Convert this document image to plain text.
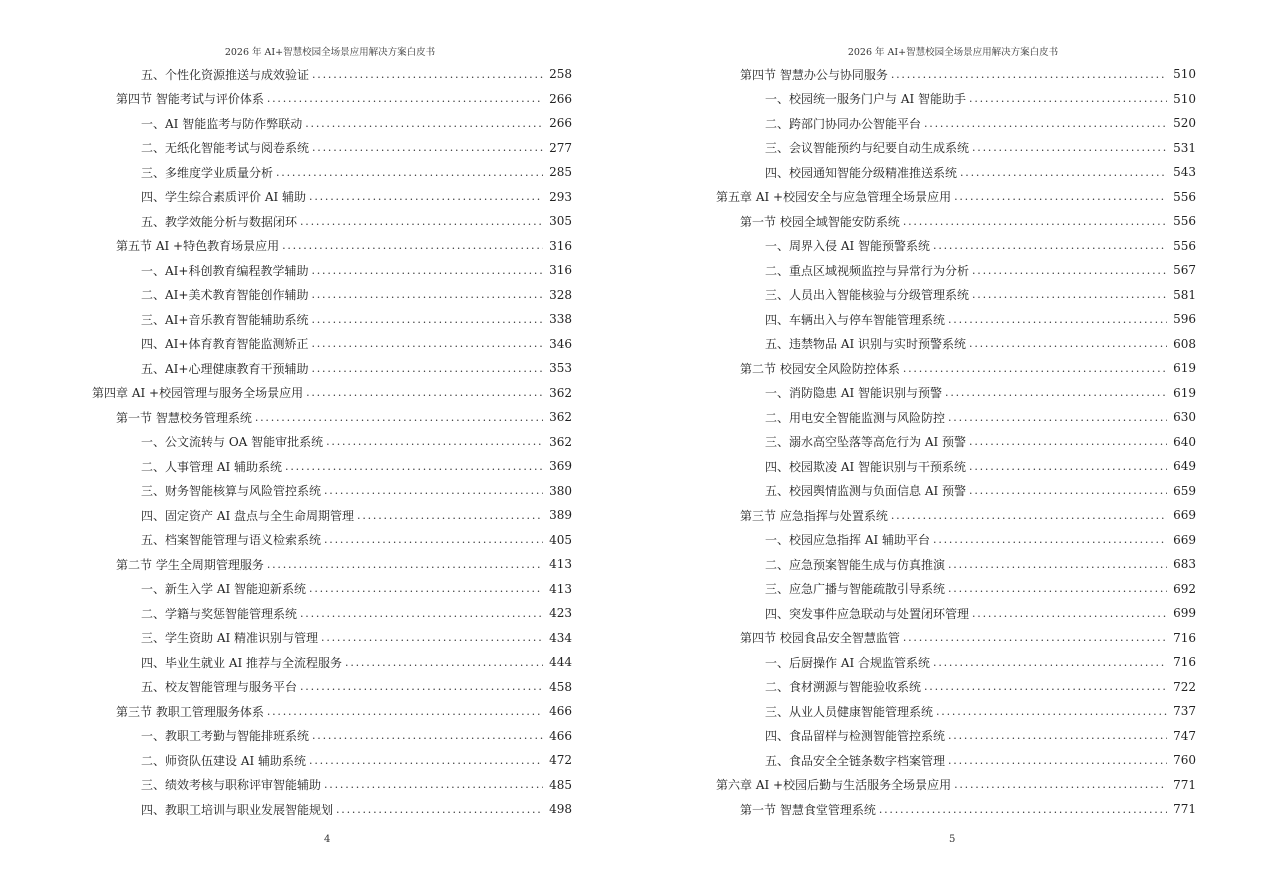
2026 年 AI+智慧校园全场景应用解决方案白皮书
五、个性化资源推送与成效验证 .....	258
第四节 智能考试与评价体系 .....	266
一、AI 智能监考与防作弊联动 .....	266
二、无纸化智能考试与阅卷系统 .....	277
三、多维度学业质量分析 .....	285
四、学生综合素质评价 AI 辅助 .....	293
五、教学效能分析与数据闭环 .....	305
第五节 AI +特色教育场景应用 .....	316
一、AI+科创教育编程教学辅助 .....	316
二、AI+美术教育智能创作辅助 .....	328
三、AI+音乐教育智能辅助系统 .....	338
四、AI+体育教育智能监测矫正 .....	346
五、AI+心理健康教育干预辅助 .....	353
第四章 AI +校园管理与服务全场景应用 .....	362
第一节 智慧校务管理系统 .....	362
一、公文流转与 OA 智能审批系统 .....	362
二、人事管理 AI 辅助系统 .....	369
三、财务智能核算与风险管控系统 .....	380
四、固定资产 AI 盘点与全生命周期管理 .....	389
五、档案智能管理与语义检索系统 .....	405
第二节 学生全周期管理服务 .....	413
一、新生入学 AI 智能迎新系统 .....	413
二、学籍与奖惩智能管理系统 .....	423
三、学生资助 AI 精准识别与管理 .....	434
四、毕业生就业 AI 推荐与全流程服务 .....	444
五、校友智能管理与服务平台 .....	458
第三节 教职工管理服务体系 .....	466
一、教职工考勤与智能排班系统 .....	466
二、师资队伍建设 AI 辅助系统 .....	472
三、绩效考核与职称评审智能辅助 .....	485
四、教职工培训与职业发展智能规划 .....	498
4
2026 年 AI+智慧校园全场景应用解决方案白皮书
第四节 智慧办公与协同服务 .....	510
一、校园统一服务门户与 AI 智能助手 .....	510
二、跨部门协同办公智能平台 .....	520
三、会议智能预约与纪要自动生成系统 .....	531
四、校园通知智能分级精准推送系统 .....	543
第五章 AI +校园安全与应急管理全场景应用 .....	556
第一节 校园全域智能安防系统 .....	556
一、周界入侵 AI 智能预警系统 .....	556
二、重点区域视频监控与异常行为分析 .....	567
三、人员出入智能核验与分级管理系统 .....	581
四、车辆出入与停车智能管理系统 .....	596
五、违禁物品 AI 识别与实时预警系统 .....	608
第二节 校园安全风险防控体系 .....	619
一、消防隐患 AI 智能识别与预警 .....	619
二、用电安全智能监测与风险防控 .....	630
三、溺水高空坠落等高危行为 AI 预警 .....	640
四、校园欺凌 AI 智能识别与干预系统 .....	649
五、校园舆情监测与负面信息 AI 预警 .....	659
第三节 应急指挥与处置系统 .....	669
一、校园应急指挥 AI 辅助平台 .....	669
二、应急预案智能生成与仿真推演 .....	683
三、应急广播与智能疏散引导系统 .....	692
四、突发事件应急联动与处置闭环管理 .....	699
第四节 校园食品安全智慧监管 .....	716
一、后厨操作 AI 合规监管系统 .....	716
二、食材溯源与智能验收系统 .....	722
三、从业人员健康智能管理系统 .....	737
四、食品留样与检测智能管控系统 .....	747
五、食品安全全链条数字档案管理 .....	760
第六章 AI +校园后勤与生活服务全场景应用 .....	771
第一节 智慧食堂管理系统 .....	771
5
